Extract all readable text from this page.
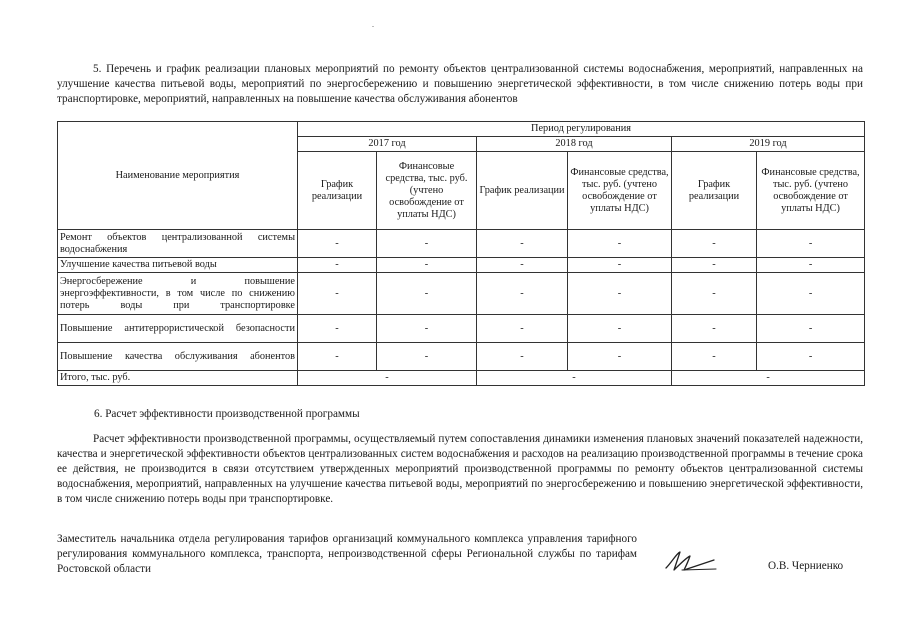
5. Перечень и график реализации плановых мероприятий по ремонту объектов централизованной системы водоснабжения, мероприятий, направленных на улучшение качества питьевой воды, мероприятий по энергосбережению и повышению энергетической эффективности, в том числе снижению потерь воды при транспортировке, мероприятий, направленных на повышение качества обслуживания абонентов
Наименование мероприятия	Период регулирования					
	2017 год		2018 год		2019 год	
	График реализации	Финансовые средства, тыс. руб. (учтено освобождение от уплаты НДС)	График реализации	Финансовые средства, тыс. руб. (учтено освобождение от уплаты НДС)	График реализации	Финансовые средства, тыс. руб. (учтено освобождение от уплаты НДС)
Ремонт объектов централизованной системы водоснабжения	-	-	-	-	-	-
Улучшение качества питьевой воды	-	-	-	-	-	-
Энергосбережение и повышение энергоэффективности, в том числе по снижению потерь воды при транспортировке	-	-	-	-	-	-
Повышение антитеррористической безопасности	-	-	-	-	-	-
Повышение качества обслуживания абонентов	-	-	-	-	-	-
Итого, тыс. руб.	-		-		-	
6. Расчет эффективности производственной программы
Расчет эффективности производственной программы, осуществляемый путем сопоставления динамики изменения плановых значений показателей надежности, качества и энергетической эффективности объектов централизованных систем водоснабжения и расходов на реализацию производственной программы в течение срока ее действия, не производится в связи отсутствием утвержденных мероприятий производственной программы по ремонту объектов централизованной системы водоснабжения, мероприятий, направленных на улучшение качества питьевой воды, мероприятий по энергосбережению и повышению энергетической эффективности, в том числе снижению потерь воды при транспортировке.
Заместитель начальника отдела регулирования тарифов организаций коммунального комплекса управления тарифного регулирования коммунального комплекса, транспорта, непроизводственной сферы Региональной службы по тарифам Ростовской области	О.В. Черниенко
